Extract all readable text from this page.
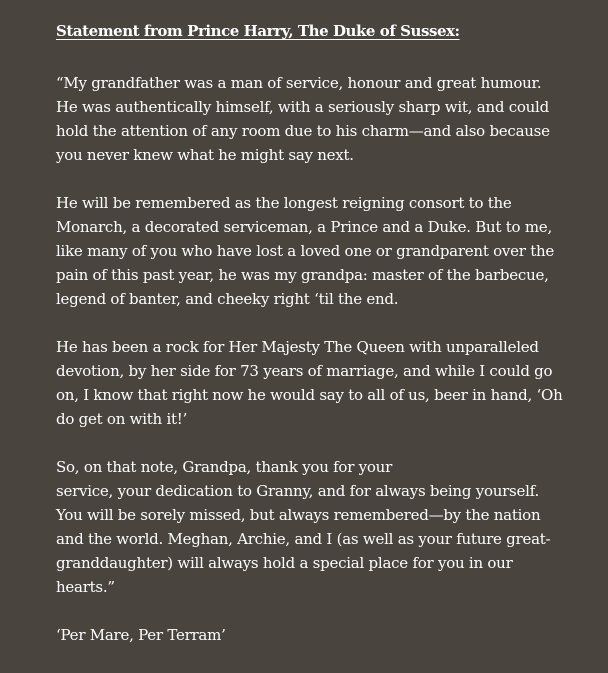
Statement from Prince Harry, The Duke of Sussex:

“My grandfather was a man of service, honour and great humour.
He was authentically himself, with a seriously sharp wit, and could
hold the attention of any room due to his charm—and also because
you never knew what he might say next.

He will be remembered as the longest reigning consort to the
Monarch, a decorated serviceman, a Prince and a Duke. But to me,
like many of you who have lost a loved one or grandparent over the
pain of this past year, he was my grandpa: master of the barbecue,
legend of banter, and cheeky right ‘til the end.

He has been a rock for Her Majesty The Queen with unparalleled
devotion, by her side for 73 years of marriage, and while I could go
on, I know that right now he would say to all of us, beer in hand, ‘Oh
do get on with it!’

So, on that note, Grandpa, thank you for your
service, your dedication to Granny, and for always being yourself.
You will be sorely missed, but always remembered—by the nation
and the world. Meghan, Archie, and I (as well as your future great-
granddaughter) will always hold a special place for you in our
hearts.”

‘Per Mare, Per Terram’
